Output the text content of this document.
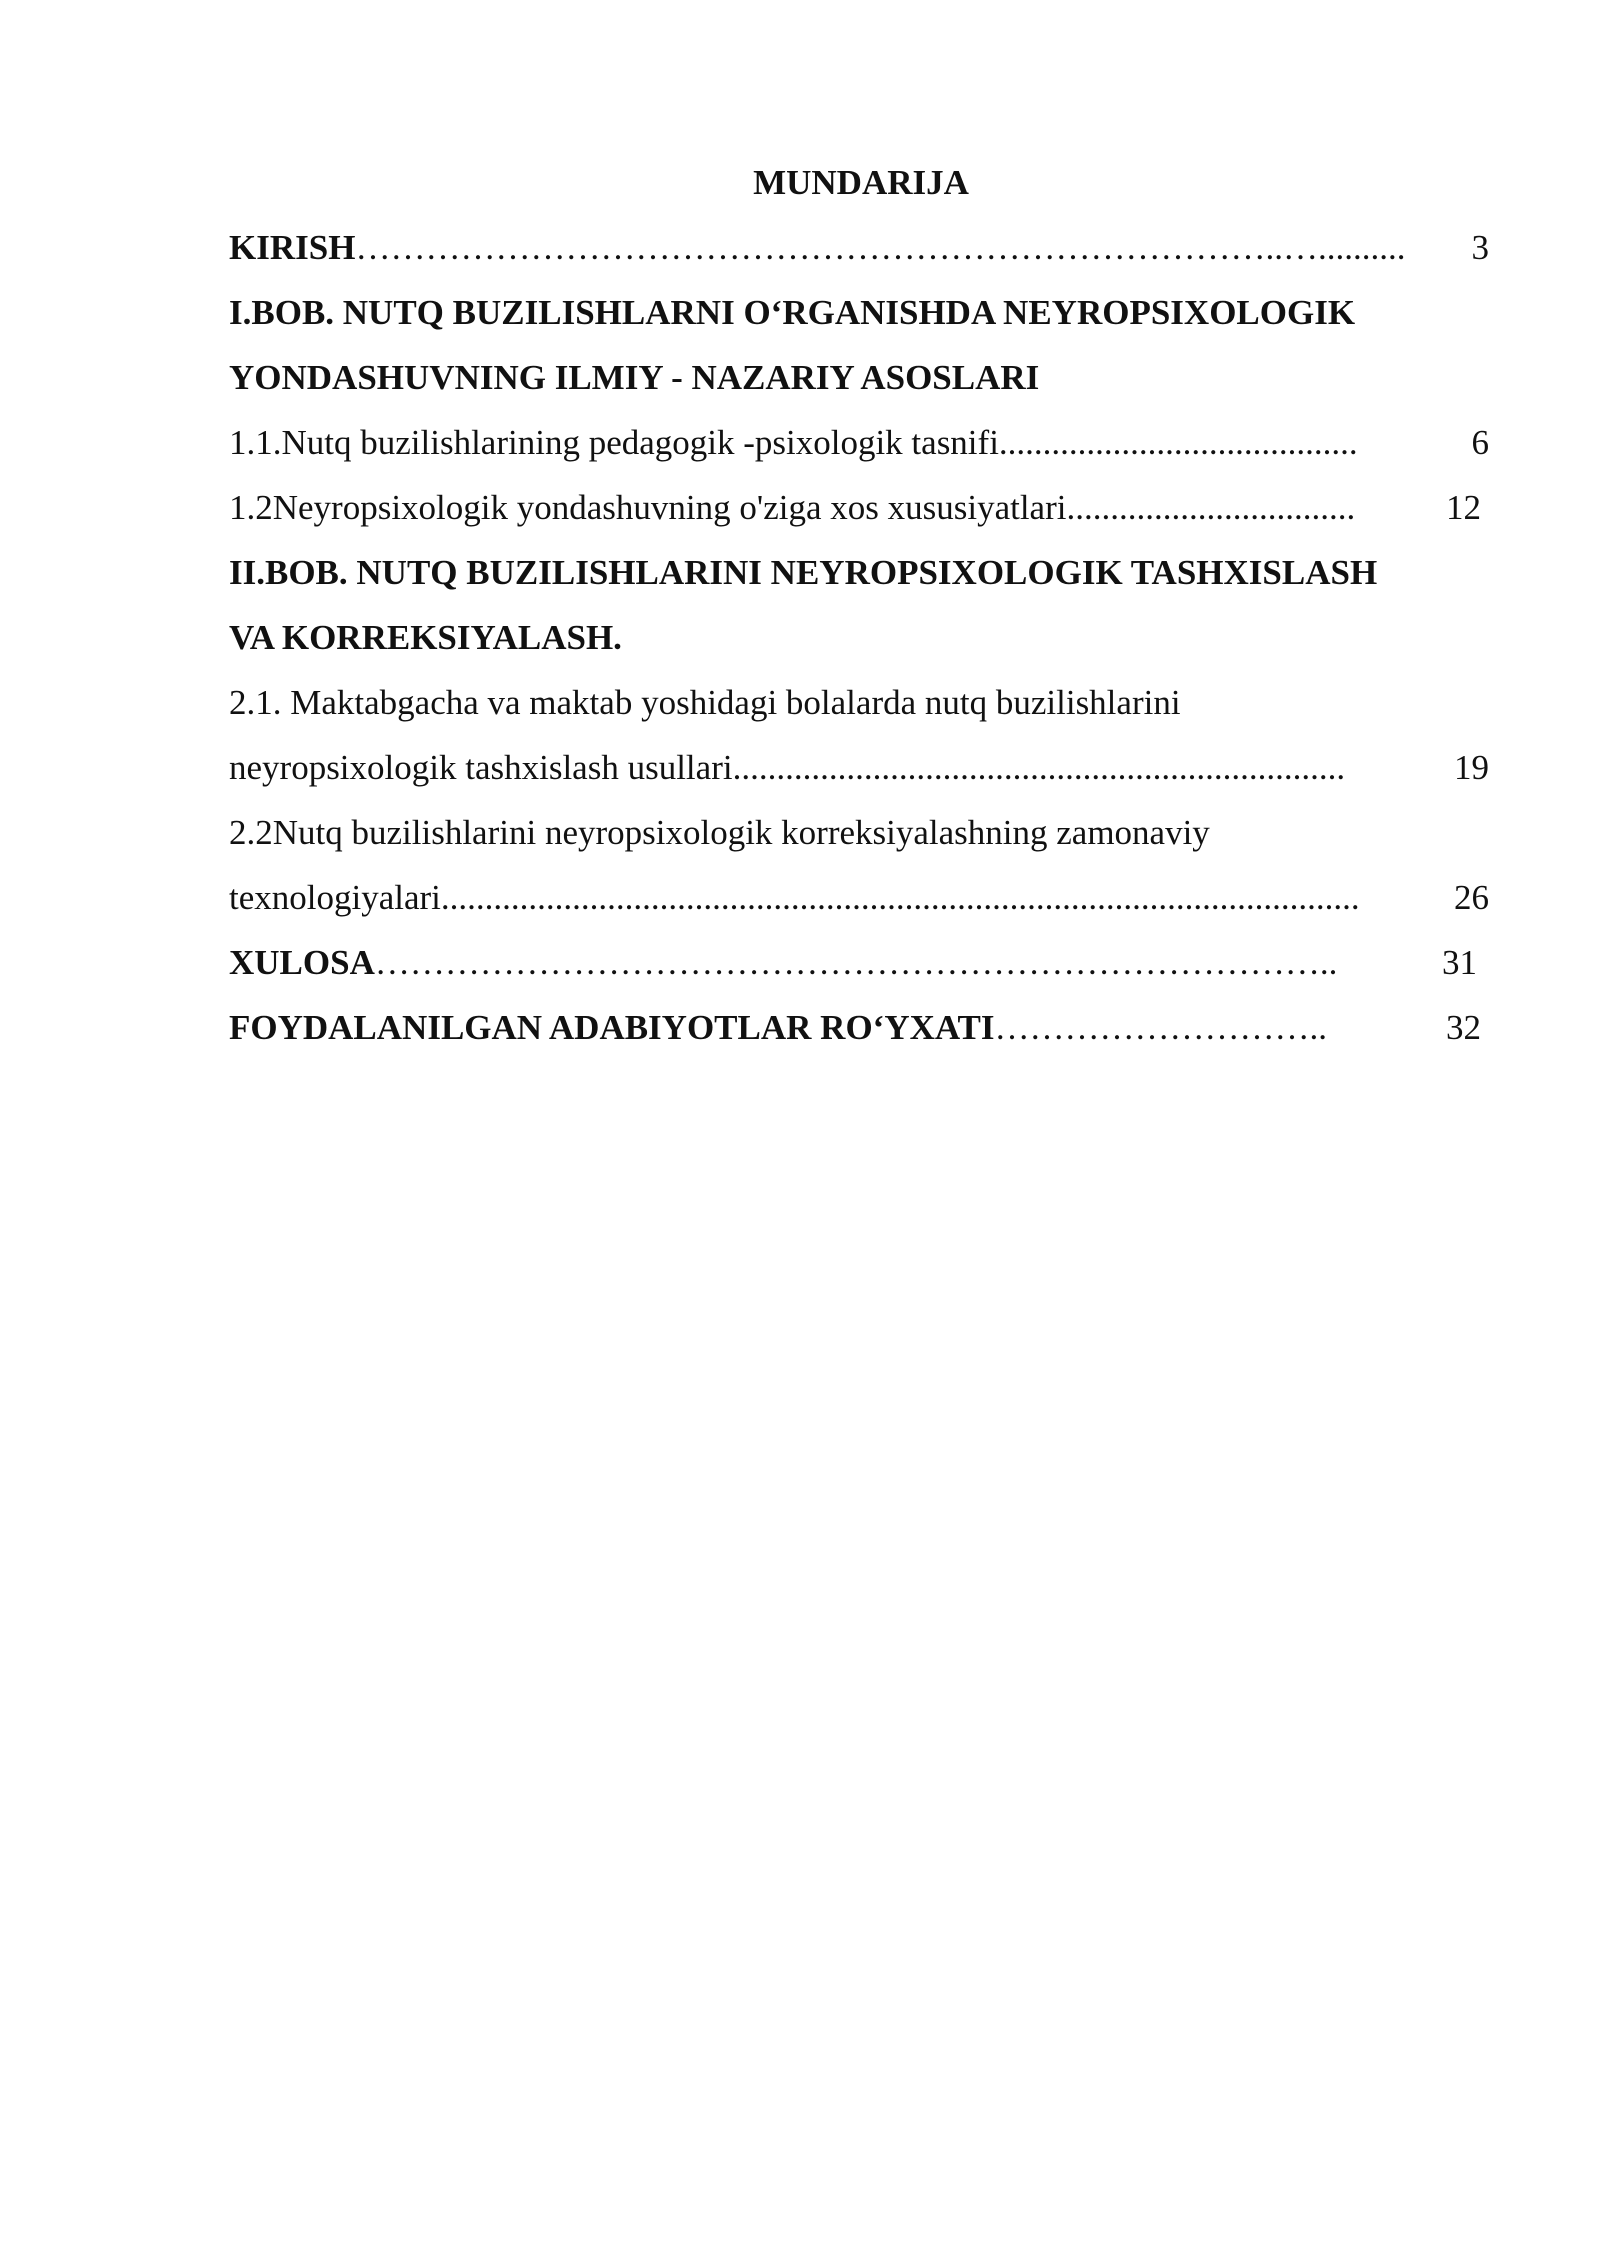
MUNDARIJA
KIRISH ……………………………………………………………………..…..........	3
I.BOB. NUTQ BUZILISHLARNI O‘RGANISHDA NEYROPSIXOLOGIK
YONDASHUVNING ILMIY - NAZARIY ASOSLARI
1.1.Nutq buzilishlarining pedagogik -psixologik tasnifi .........................................	6
1.2Neyropsixologik yondashuvning o'ziga xos xususiyatlari .................................	12
II.BOB. NUTQ BUZILISHLARINI NEYROPSIXOLOGIK TASHXISLASH
VA KORREKSIYALASH.
2.1. Maktabgacha va maktab yoshidagi bolalarda nutq buzilishlarini
neyropsixologik tashxislash usullari ......................................................................	19
2.2Nutq buzilishlarini neyropsixologik korreksiyalashning zamonaviy
texnologiyalari .........................................................................................................	26
XULOSA ………………………………………………………………………..	31
FOYDALANILGAN ADABIYOTLAR RO‘YXATI ………………………..	32
